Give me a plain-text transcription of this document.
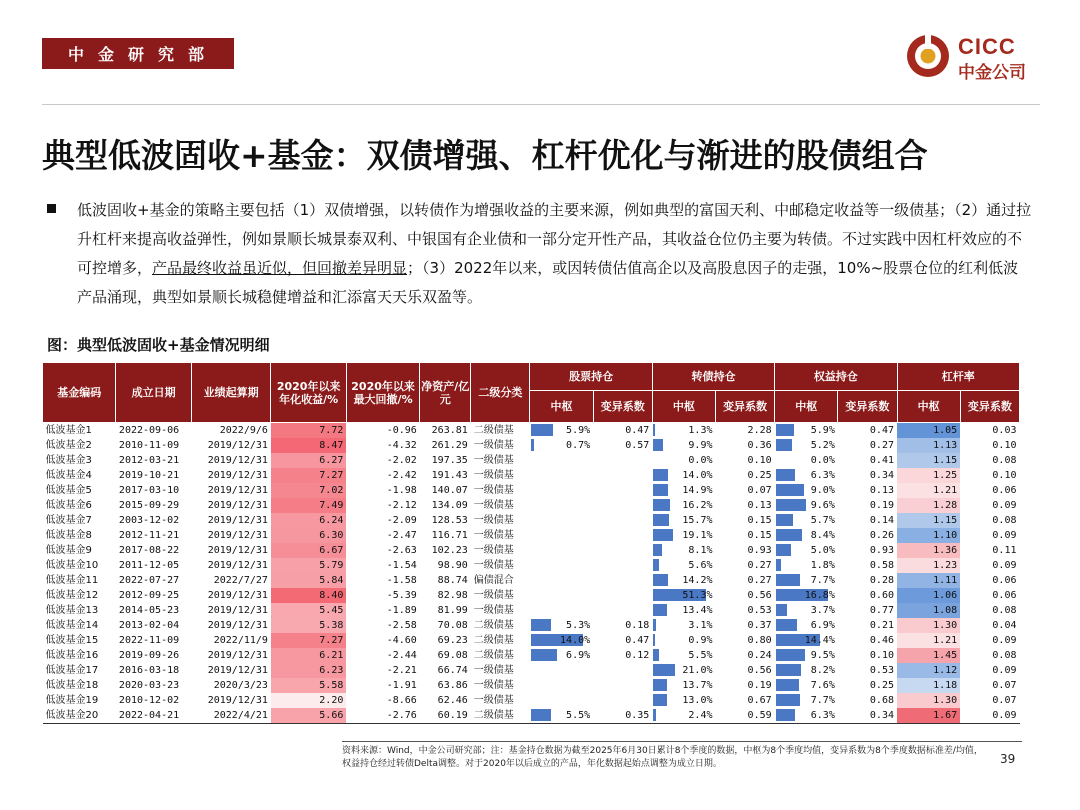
中金研究部	CICC
中金公司
典型低波固收+基金：双债增强、杠杆优化与渐进的股债组合
低波固收+基金的策略主要包括（1）双债增强，以转债作为增强收益的主要来源，例如典型的富国天利、中邮稳定收益等一级债基；（2）通过拉升杠杆来提高收益弹性，例如景顺长城景泰双利、中银国有企业债和一部分定开性产品，其收益仓位仍主要为转债。不过实践中因杠杆效应的不可控增多，产品最终收益虽近似，但回撤差异明显；（3）2022年以来，或因转债估值高企以及高股息因子的走强，10%~股票仓位的红利低波产品涌现，典型如景顺长城稳健增益和汇添富天天乐双盈等。
图：典型低波固收+基金情况明细
基金编码	成立日期	业绩起算期	2020年以来年化收益/%	2020年以来最大回撤/%	净资产/亿元	二级分类	股票持仓		转债持仓		权益持仓		杠杆率	
							中枢	变异系数	中枢	变异系数	中枢	变异系数	中枢	变异系数
低波基金1	2022-09-06	2022/9/6	7.72	-0.96	263.81	二级债基	5.9%	0.47	1.3%	2.28	5.9%	0.47	1.05	0.03
低波基金2	2010-11-09	2019/12/31	8.47	-4.32	261.29	一级债基	0.7%	0.57	9.9%	0.36	5.2%	0.27	1.13	0.10
低波基金3	2012-03-21	2019/12/31	6.27	-2.02	197.35	一级债基			0.0%	0.10	0.0%	0.41	1.15	0.08
低波基金4	2019-10-21	2019/12/31	7.27	-2.42	191.43	一级债基			14.0%	0.25	6.3%	0.34	1.25	0.10
低波基金5	2017-03-10	2019/12/31	7.02	-1.98	140.07	一级债基			14.9%	0.07	9.0%	0.13	1.21	0.06
低波基金6	2015-09-29	2019/12/31	7.49	-2.12	134.09	一级债基			16.2%	0.13	9.6%	0.19	1.28	0.09
低波基金7	2003-12-02	2019/12/31	6.24	-2.09	128.53	一级债基			15.7%	0.15	5.7%	0.14	1.15	0.08
低波基金8	2012-11-21	2019/12/31	6.30	-2.47	116.71	一级债基			19.1%	0.15	8.4%	0.26	1.10	0.09
低波基金9	2017-08-22	2019/12/31	6.67	-2.63	102.23	一级债基			8.1%	0.93	5.0%	0.93	1.36	0.11
低波基金10	2011-12-05	2019/12/31	5.79	-1.54	98.90	一级债基			5.6%	0.27	1.8%	0.58	1.23	0.09
低波基金11	2022-07-27	2022/7/27	5.84	-1.58	88.74	偏债混合			14.2%	0.27	7.7%	0.28	1.11	0.06
低波基金12	2012-09-25	2019/12/31	8.40	-5.39	82.98	一级债基			51.3%	0.56	16.8%	0.60	1.06	0.06
低波基金13	2014-05-23	2019/12/31	5.45	-1.89	81.99	一级债基			13.4%	0.53	3.7%	0.77	1.08	0.08
低波基金14	2013-02-04	2019/12/31	5.38	-2.58	70.08	二级债基	5.3%	0.18	3.1%	0.37	6.9%	0.21	1.30	0.04
低波基金15	2022-11-09	2022/11/9	7.27	-4.60	69.23	二级债基	14.0%	0.47	0.9%	0.80	14.4%	0.46	1.21	0.09
低波基金16	2019-09-26	2019/12/31	6.21	-2.44	69.08	二级债基	6.9%	0.12	5.5%	0.24	9.5%	0.10	1.45	0.08
低波基金17	2016-03-18	2019/12/31	6.23	-2.21	66.74	一级债基			21.0%	0.56	8.2%	0.53	1.12	0.09
低波基金18	2020-03-23	2020/3/23	5.58	-1.91	63.86	一级债基			13.7%	0.19	7.6%	0.25	1.18	0.07
低波基金19	2010-12-02	2019/12/31	2.20	-8.66	62.46	一级债基			13.0%	0.67	7.7%	0.68	1.30	0.07
低波基金20	2022-04-21	2022/4/21	5.66	-2.76	60.19	二级债基	5.5%	0.35	2.4%	0.59	6.3%	0.34	1.67	0.09
资料来源：Wind，中金公司研究部；注：基金持仓数据为截至2025年6月30日累计8个季度的数据，中枢为8个季度均值，变异系数为8个季度数据标准差/均值，权益持仓经过转债Delta调整。对于2020年以后成立的产品，年化数据起始点调整为成立日期。	39
